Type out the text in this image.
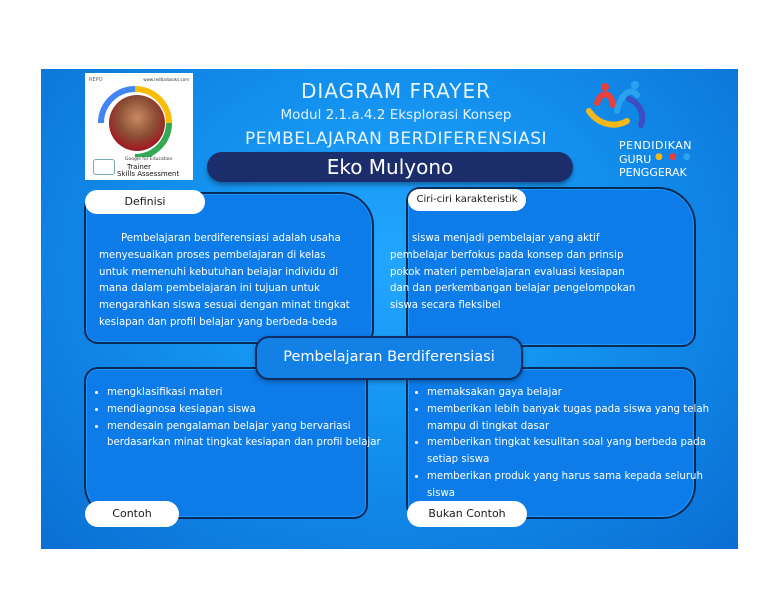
REPO	www.redtiarbooks.com
Google for Education
Trainer
Skills Assessment
DIAGRAM FRAYER
Modul 2.1.a.4.2 Eksplorasi Konsep
PEMBELAJARAN BERDIFERENSIASI
Eko Mulyono
PENDIDIKAN
GURU ●●●
PENGGERAK
Pembelajaran berdiferensiasi adalah usaha
menyesuaikan proses pembelajaran di kelas
untuk memenuhi kebutuhan belajar individu di
mana dalam pembelajaran ini tujuan untuk
mengarahkan siswa sesuai dengan minat tingkat
kesiapan dan profil belajar yang berbeda-beda
siswa menjadi pembelajar yang aktif
pembelajar berfokus pada konsep dan prinsip
pokok materi pembelajaran evaluasi kesiapan
dan dan perkembangan belajar pengelompokan
siswa secara fleksibel
• mengklasifikasi materi
• mendiagnosa kesiapan siswa
• mendesain pengalaman belajar yang bervariasi berdasarkan minat tingkat kesiapan dan profil belajar
• memaksakan gaya belajar
• memberikan lebih banyak tugas pada siswa yang telah mampu di tingkat dasar
• memberikan tingkat kesulitan soal yang berbeda pada setiap siswa
• memberikan produk yang harus sama kepada seluruh siswa
Definisi	Ciri-ciri karakteristik
Contoh	Bukan Contoh
Pembelajaran Berdiferensiasi
